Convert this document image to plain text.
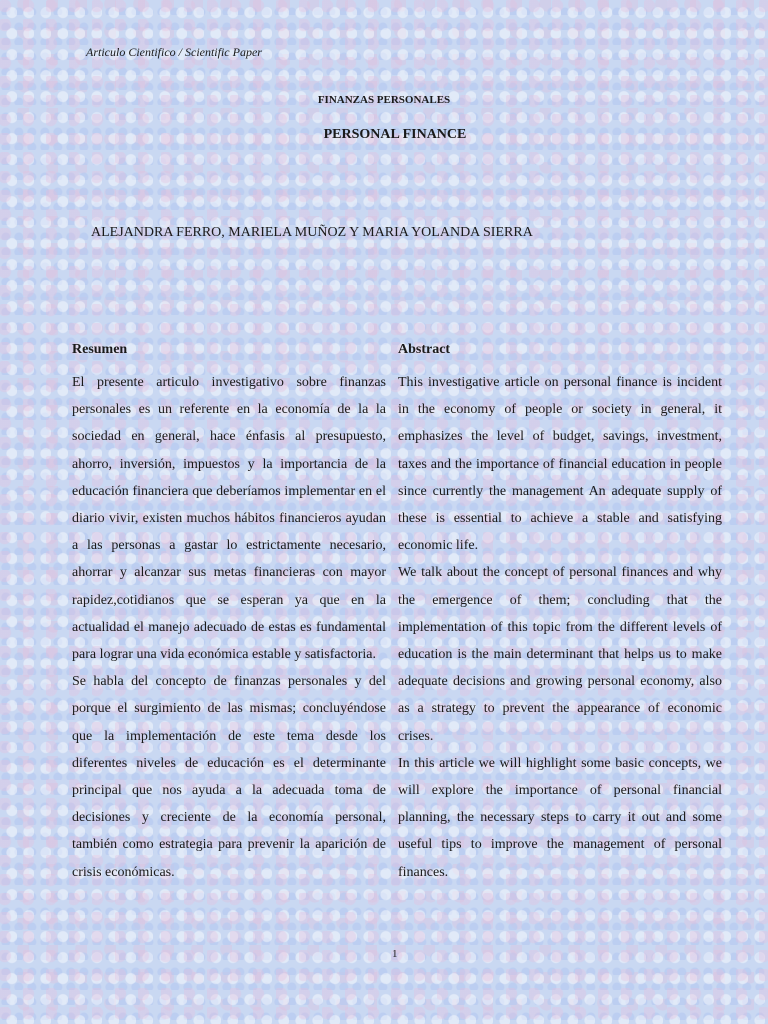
Articulo Cientifico / Scientific Paper
FINANZAS PERSONALES
PERSONAL FINANCE
ALEJANDRA FERRO, MARIELA MUÑOZ Y MARIA YOLANDA SIERRA

Resumen

El presente articulo investigativo sobre finanzas personales es un referente en la economía de la la sociedad en general, hace énfasis al presupuesto, ahorro, inversión, impuestos y la importancia de la educación financiera que deberíamos implementar en el diario vivir, existen muchos hábitos financieros ayudan a las personas a gastar lo estrictamente necesario, ahorrar y alcanzar sus metas financieras con mayor rapidez,cotidianos que se esperan ya que en la actualidad el manejo adecuado de estas es fundamental para lograr una vida económica estable y satisfactoria.

Se habla del concepto de finanzas personales y del porque el surgimiento de las mismas; concluyéndose que la implementación de este tema desde los diferentes niveles de educación es el determinante principal que nos ayuda a la adecuada toma de decisiones y creciente de la economía personal, también como estrategia para prevenir la aparición de crisis económicas.

Abstract

This investigative article on personal finance is incident in the economy of people or society in general, it emphasizes the level of budget, savings, investment, taxes and the importance of financial education in people since currently the management An adequate supply of these is essential to achieve a stable and satisfying economic life.

We talk about the concept of personal finances and why the emergence of them; concluding that the implementation of this topic from the different levels of education is the main determinant that helps us to make adequate decisions and growing personal economy, also as a strategy to prevent the appearance of economic crises.

In this article we will highlight some basic concepts, we will explore the importance of personal financial planning, the necessary steps to carry it out and some useful tips to improve the management of personal finances.

1
